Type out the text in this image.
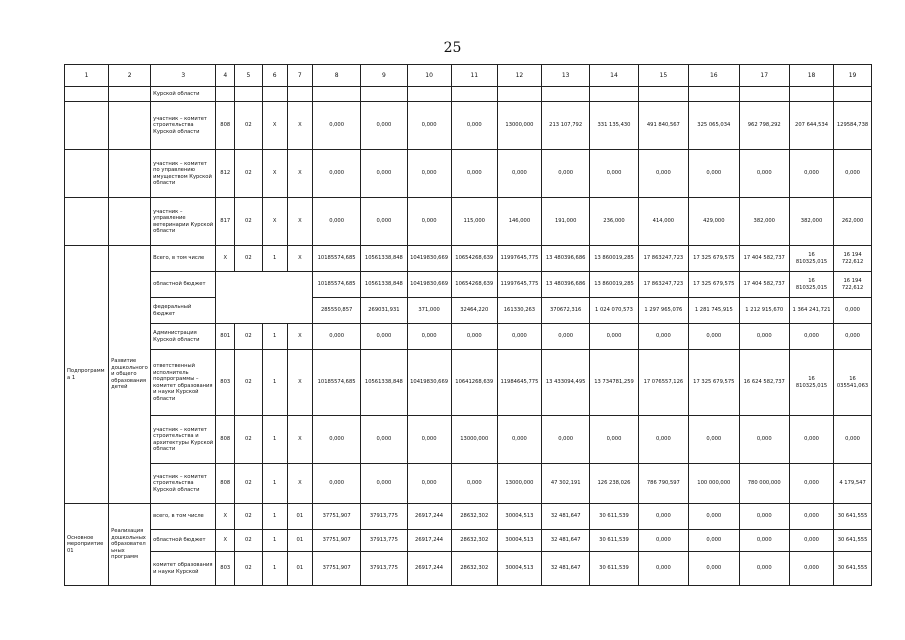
25
1	2	3	4	5	6	7	8	9	10	11	12	13	14	15	16	17	18	19
		Курской области																
		участник – комитет строительства Курской области	808	02	Х	Х	0,000	0,000	0,000	0,000	13000,000	213 107,792	331 135,430	491 840,567	325 065,034	962 798,292	207 644,534	129584,738
		участник – комитет по управлению имуществом Курской области	812	02	Х	Х	0,000	0,000	0,000	0,000	0,000	0,000	0,000	0,000	0,000	0,000	0,000	0,000
		участник – управление ветеринарии Курской области	817	02	Х	Х	0,000	0,000	0,000	115,000	146,000	191,000	236,000	414,000	429,000	382,000	382,000	262,000
Подпрограмма 1	Развитие дошкольного и общего образования детей	Всего, в том числе	Х	02	1	Х	10185574,685	10561338,848	10419830,669	10654268,639	11997645,775	13 480396,686	13 860019,285	17 863247,723	17 325 679,575	17 404 582,737	16 810325,015	16 194 722,612
		областной бюджет					10185574,685	10561338,848	10419830,669	10654268,639	11997645,775	13 480396,686	13 860019,285	17 863247,723	17 325 679,575	17 404 582,737	16 810325,015	16 194 722,612
		федеральный бюджет					285550,857	269031,931	371,000	32464,220	161330,263	370672,316	1 024 070,573	1 297 965,076	1 281 745,915	1 212 915,670	1 364 241,721	0,000
		Администрация Курской области	801	02	1	Х	0,000	0,000	0,000	0,000	0,000	0,000	0,000	0,000	0,000	0,000	0,000	0,000
		ответственный исполнитель подпрограммы – комитет образования и науки Курской области	803	02	1	Х	10185574,685	10561338,848	10419830,669	10641268,639	11984645,775	13 433094,495	13 734781,259	17 076557,126	17 325 679,575	16 624 582,737	16 810325,015	16 035541,063
		участник – комитет строительства и архитектуры Курской области	808	02	1	Х	0,000	0,000	0,000	13000,000	0,000	0,000	0,000	0,000	0,000	0,000	0,000	0,000
		участник – комитет строительства Курской области	808	02	1	Х	0,000	0,000	0,000	0,000	13000,000	47 302,191	126 238,026	786 790,597	100 000,000	780 000,000	0,000	4 179,547
Основное мероприятие 01	Реализация дошкольных образовательных программ	всего, в том числе	Х	02	1	01	37751,907	37913,775	26917,244	28632,302	30004,513	32 481,647	30 611,539	0,000	0,000	0,000	0,000	30 641,555
		областной бюджет	Х	02	1	01	37751,907	37913,775	26917,244	28632,302	30004,513	32 481,647	30 611,539	0,000	0,000	0,000	0,000	30 641,555
		комитет образования и науки Курской	803	02	1	01	37751,907	37913,775	26917,244	28632,302	30004,513	32 481,647	30 611,539	0,000	0,000	0,000	0,000	30 641,555
